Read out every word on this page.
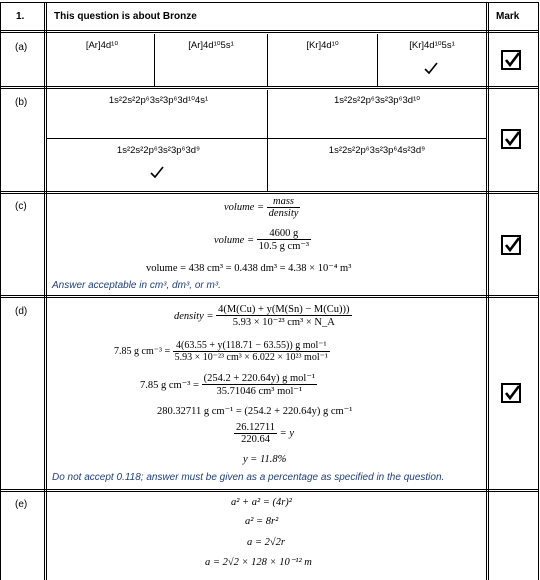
1.	This question is about Bronze	Mark
(a)	[Ar]4d¹⁰	[Ar]4d¹⁰5s¹	[Kr]4d¹⁰	[Kr]4d¹⁰5s¹
(b)	1s²2s²2p⁶3s²3p⁶3d¹⁰4s¹	1s²2s²2p⁶3s²3p⁶3d¹⁰
1s²2s²2p⁶3s²3p⁶3d⁹	1s²2s²2p⁶3s²3p⁶4s²3d⁹
(c)	volume = $\frac{\text{mass}}{\text{density}}$
volume = $\frac{4600 g}{\text{10.5 g cm⁻³}}$
volume = 438 cm³ = 0.438 dm³ = 4.38 × 10⁻⁴ m³
Answer acceptable in cm³, dm³, or m³.
(d)	density = $\frac{4(M(Cu) + y(M(Sn) - M(Cu)))}{\text{5.93 × 10⁻²³ cm³ × N\_A}}$
7.85 g $cm^{-3} = \frac{\text{4(63.55 + y(118.71 − 63.55)) g mol⁻¹}}{\text{5.93 × 10⁻²³ cm³ × 6.022 × 10²³ mol⁻¹}}$
7.85 g $cm^{-3} = \frac{\text{(254.2 + 220.64y) g mol⁻¹}}{\text{35.71046 cm³ mol⁻¹}}$
280.32711 g cm⁻¹ = (254.2 + 220.64y) g cm⁻¹
$\frac{26.12711}{220.64} = y$
y = 11.8%
Do not accept 0.118; answer must be given as a percentage as specified in the question.
(e)	a² + a² = (4r)²
a² = 8r²
a = 2√2r
a = 2√2 × 128 × 10⁻¹² m
